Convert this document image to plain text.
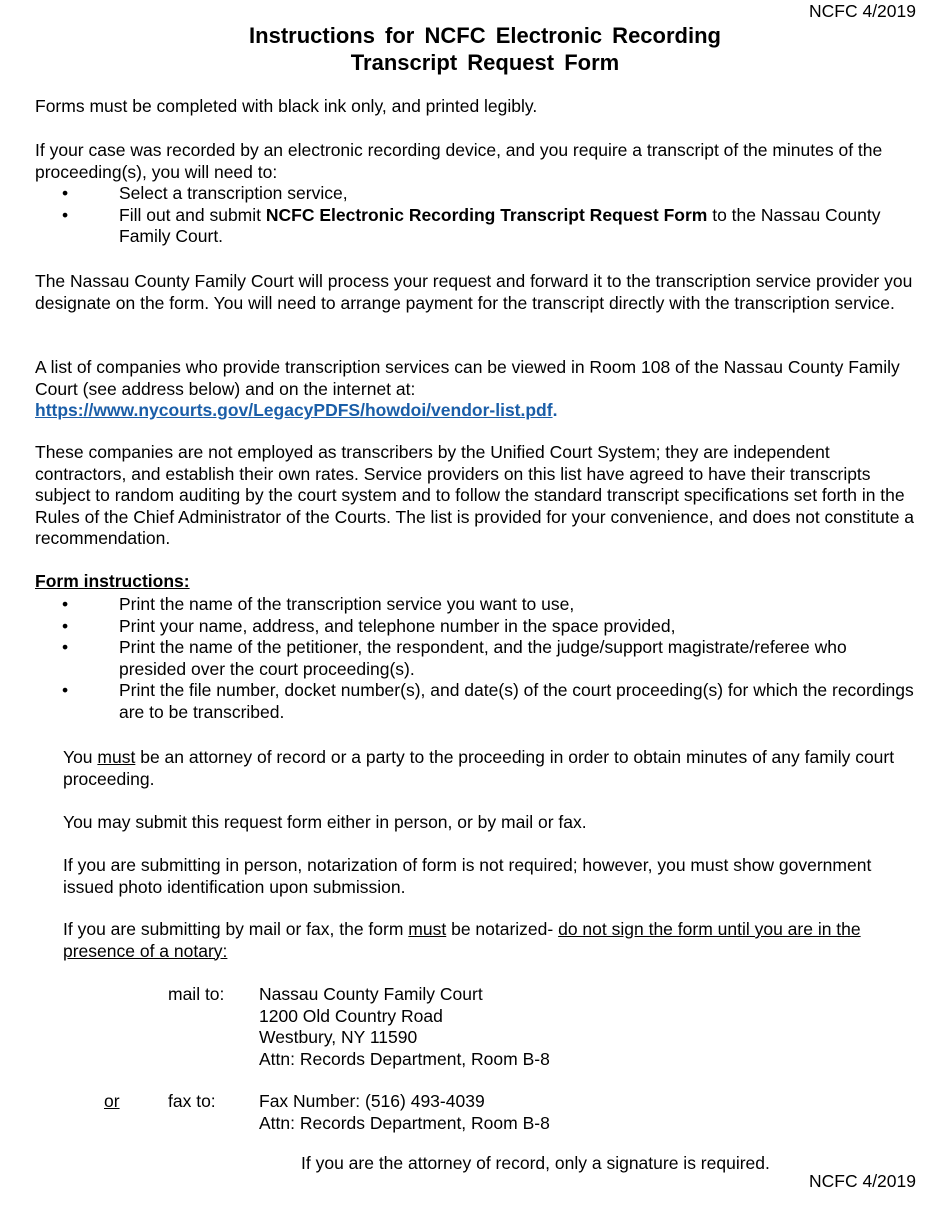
NCFC 4/2019
Instructions for NCFC Electronic Recording
Transcript Request Form

Forms must be completed with black ink only, and printed legibly.

If your case was recorded by an electronic recording device, and you require a transcript of the minutes of the proceeding(s), you will need to:

•	Select a transcription service,
•	Fill out and submit NCFC Electronic Recording Transcript Request Form to the Nassau County Family Court.

The Nassau County Family Court will process your request and forward it to the transcription service provider you designate on the form. You will need to arrange payment for the transcript directly with the transcription service.

A list of companies who provide transcription services can be viewed in Room 108 of the Nassau County Family Court (see address below) and on the internet at:
https://www.nycourts.gov/LegacyPDFS/howdoi/vendor-list.pdf.

These companies are not employed as transcribers by the Unified Court System; they are independent contractors, and establish their own rates. Service providers on this list have agreed to have their transcripts subject to random auditing by the court system and to follow the standard transcript specifications set forth in the Rules of the Chief Administrator of the Courts. The list is provided for your convenience, and does not constitute a recommendation.

Form instructions:

•	Print the name of the transcription service you want to use,
•	Print your name, address, and telephone number in the space provided,
•	Print the name of the petitioner, the respondent, and the judge/support magistrate/referee who presided over the court proceeding(s).
•	Print the file number, docket number(s), and date(s) of the court proceeding(s) for which the recordings are to be transcribed.

You must be an attorney of record or a party to the proceeding in order to obtain minutes of any family court proceeding.

You may submit this request form either in person, or by mail or fax.

If you are submitting in person, notarization of form is not required; however, you must show government issued photo identification upon submission.

If you are submitting by mail or fax, the form must be notarized- do not sign the form until you are in the presence of a notary:

mail to: Nassau County Family Court
1200 Old Country Road
Westbury, NY 11590
Attn: Records Department, Room B-8
or	fax to: Fax Number: (516) 493-4039
Attn: Records Department, Room B-8

If you are the attorney of record, only a signature is required.

NCFC 4/2019
